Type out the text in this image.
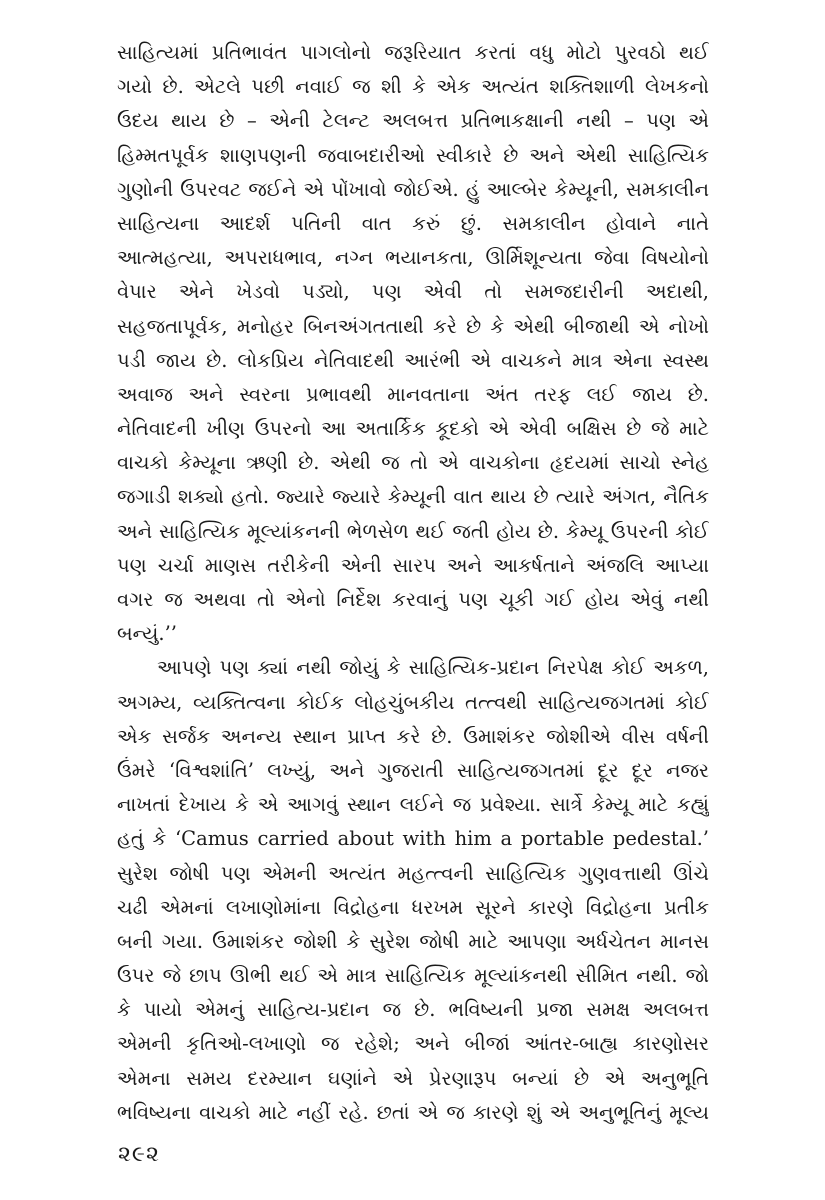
સાહિત્યમાં પ્રતિભાવંત પાગલોનો જરૂરિયાત કરતાં વધુ મોટો પુરવઠો થઈ
ગયો છે. એટલે પછી નવાઈ જ શી કે એક અત્યંત શક્તિશાળી લેખકનો
ઉદય થાય છે – એની ટેલન્ટ અલબત્ત પ્રતિભાકક્ષાની નથી – પણ એ
હિમ્મતપૂર્વક શાણપણની જવાબદારીઓ સ્વીકારે છે અને એથી સાહિત્યિક
ગુણોની ઉપરવટ જઈને એ પોંખાવો જોઈએ. હું આલ્બેર કેમ્યૂની, સમકાલીન
સાહિત્યના આદર્શ પતિની વાત કરું છું. સમકાલીન હોવાને નાતે
આત્મહત્યા, અપરાધભાવ, નગ્ન ભયાનકતા, ઊર્મિશૂન્યતા જેવા વિષયોનો
વેપાર એને ખેડવો પડ્યો, પણ એવી તો સમજદારીની અદાથી,
સહજતાપૂર્વક, મનોહર બિનઅંગતતાથી કરે છે કે એથી બીજાથી એ નોખો
પડી જાય છે. લોકપ્રિય નેતિવાદથી આરંભી એ વાચકને માત્ર એના સ્વસ્થ
અવાજ અને સ્વરના પ્રભાવથી માનવતાના અંત તરફ લઈ જાય છે.
નેતિવાદની ખીણ ઉપરનો આ અતાર્કિક કૂદકો એ એવી બક્ષિસ છે જે માટે
વાચકો કેમ્યૂના ઋણી છે. એથી જ તો એ વાચકોના હૃદયમાં સાચો સ્નેહ
જગાડી શક્યો હતો. જ્યારે જ્યારે કેમ્યૂની વાત થાય છે ત્યારે અંગત, નૈતિક
અને સાહિત્યિક મૂલ્યાંકનની ભેળસેળ થઈ જતી હોય છે. કેમ્યૂ ઉપરની કોઈ
પણ ચર્ચા માણસ તરીકેની એની સારપ અને આકર્ષતાને અંજલિ આપ્યા
વગર જ અથવા તો એનો નિર્દેશ કરવાનું પણ ચૂકી ગઈ હોય એવું નથી
બન્યું.’’
આપણે પણ ક્યાં નથી જોયું કે સાહિત્યિક-પ્રદાન નિરપેક્ષ કોઈ અકળ,
અગમ્ય, વ્યક્તિત્વના કોઈક લોહચુંબકીય તત્ત્વથી સાહિત્યજગતમાં કોઈ
એક સર્જક અનન્ય સ્થાન પ્રાપ્ત કરે છે. ઉમાશંકર જોશીએ વીસ વર્ષની
ઉંમરે ‘વિશ્વશાંતિ’ લખ્યું, અને ગુજરાતી સાહિત્યજગતમાં દૂર દૂર નજર
નાખતાં દેખાય કે એ આગવું સ્થાન લઈને જ પ્રવેશ્યા. સાર્ત્રે કેમ્યૂ માટે કહ્યું
હતું કે ‘Camus carried about with him a portable pedestal.’
સુરેશ જોષી પણ એમની અત્યંત મહત્ત્વની સાહિત્યિક ગુણવત્તાથી ઊંચે
ચઢી એમનાં લખાણોમાંના વિદ્રોહના ધરખમ સૂરને કારણે વિદ્રોહના પ્રતીક
બની ગયા. ઉમાશંકર જોશી કે સુરેશ જોષી માટે આપણા અર્ધચેતન માનસ
ઉપર જે છાપ ઊભી થઈ એ માત્ર સાહિત્યિક મૂલ્યાંકનથી સીમિત નથી. જો
કે પાયો એમનું સાહિત્ય-પ્રદાન જ છે. ભવિષ્યની પ્રજા સમક્ષ અલબત્ત
એમની કૃતિઓ-લખાણો જ રહેશે; અને બીજાં આંતર-બાહ્ય કારણોસર
એમના સમય દરમ્યાન ઘણાંને એ પ્રેરણારૂપ બન્યાં છે એ અનુભૂતિ
ભવિષ્યના વાચકો માટે નહીં રહે. છતાં એ જ કારણે શું એ અનુભૂતિનું મૂલ્ય
૨૯૨
